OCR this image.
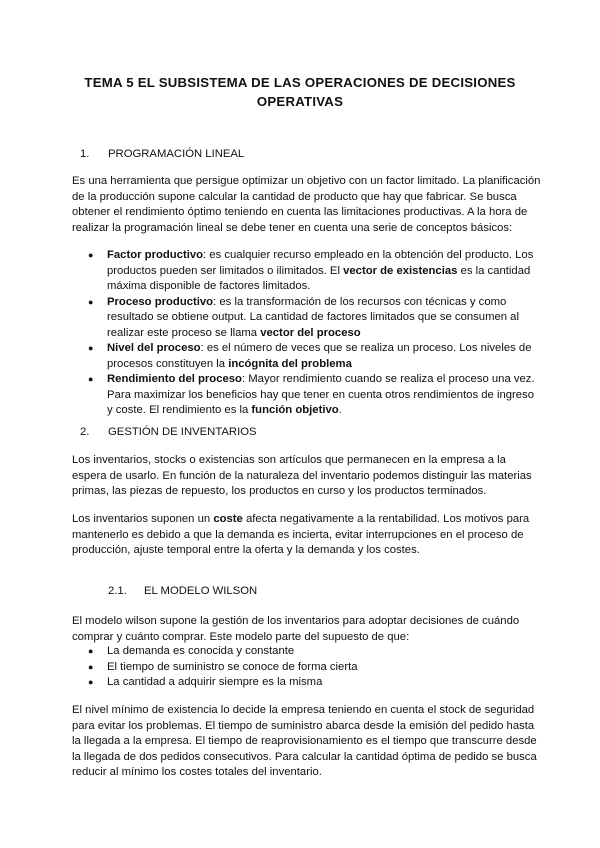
TEMA 5 EL SUBSISTEMA DE LAS OPERACIONES DE DECISIONES
OPERATIVAS
1. PROGRAMACIÓN LINEAL

Es una herramienta que persigue optimizar un objetivo con un factor limitado. La planificación de la producción supone calcular la cantidad de producto que hay que fabricar. Se busca obtener el rendimiento óptimo teniendo en cuenta las limitaciones productivas. A la hora de realizar la programación lineal se debe tener en cuenta una serie de conceptos básicos:

● Factor productivo: es cualquier recurso empleado en la obtención del producto. Los productos pueden ser limitados o ilimitados. El vector de existencias es la cantidad máxima disponible de factores limitados.
● Proceso productivo: es la transformación de los recursos con técnicas y como resultado se obtiene output. La cantidad de factores limitados que se consumen al realizar este proceso se llama vector del proceso
● Nivel del proceso: es el número de veces que se realiza un proceso. Los niveles de procesos constituyen la incógnita del problema
● Rendimiento del proceso: Mayor rendimiento cuando se realiza el proceso una vez. Para maximizar los beneficios hay que tener en cuenta otros rendimientos de ingreso y coste. El rendimiento es la función objetivo.
2. GESTIÓN DE INVENTARIOS

Los inventarios, stocks o existencias son artículos que permanecen en la empresa a la espera de usarlo. En función de la naturaleza del inventario podemos distinguir las materias primas, las piezas de repuesto, los productos en curso y los productos terminados.

Los inventarios suponen un coste afecta negativamente a la rentabilidad. Los motivos para mantenerlo es debido a que la demanda es incierta, evitar interrupciones en el proceso de producción, ajuste temporal entre la oferta y la demanda y los costes.

2.1. EL MODELO WILSON

El modelo wilson supone la gestión de los inventarios para adoptar decisiones de cuándo comprar y cuánto comprar. Este modelo parte del supuesto de que:

● La demanda es conocida y constante
● El tiempo de suministro se conoce de forma cierta
● La cantidad a adquirir siempre es la misma

El nivel mínimo de existencia lo decide la empresa teniendo en cuenta el stock de seguridad para evitar los problemas. El tiempo de suministro abarca desde la emisión del pedido hasta la llegada a la empresa. El tiempo de reaprovisionamiento es el tiempo que transcurre desde la llegada de dos pedidos consecutivos. Para calcular la cantidad óptima de pedido se busca reducir al mínimo los costes totales del inventario.
